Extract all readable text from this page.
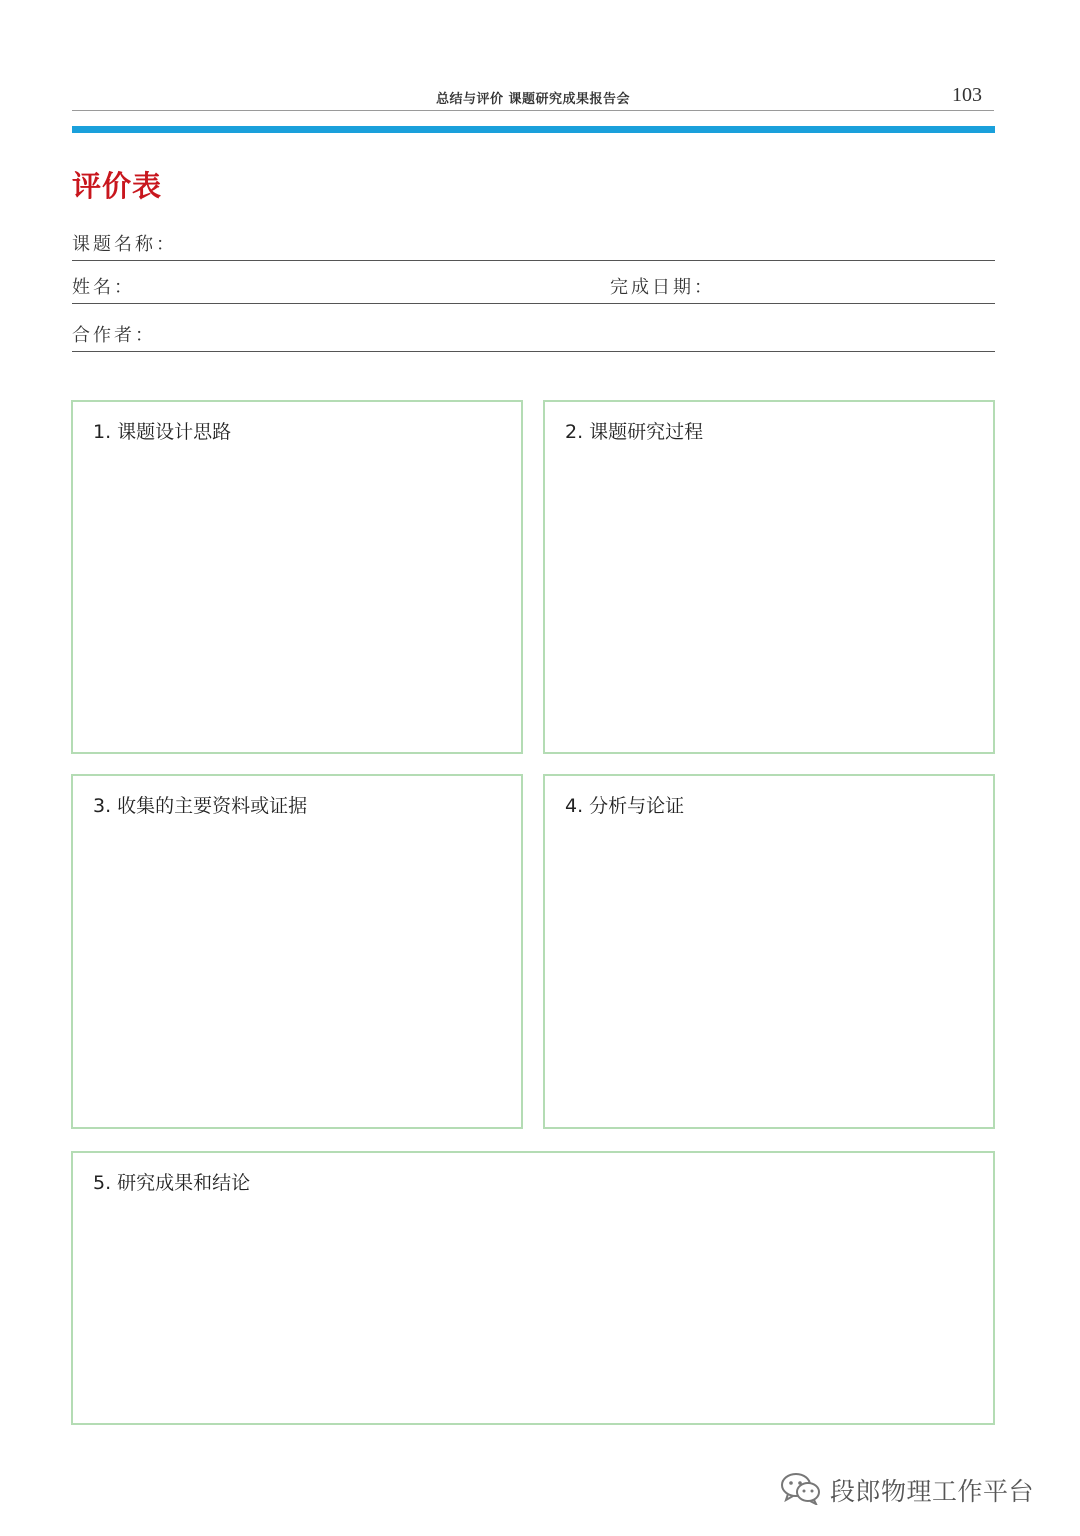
总结与评价 课题研究成果报告会	103
评价表
课题名称：
姓名：	完成日期：
合作者：
1. 课题设计思路	2. 课题研究过程
3. 收集的主要资料或证据	4. 分析与论证
5. 研究成果和结论
段郎物理工作平台
